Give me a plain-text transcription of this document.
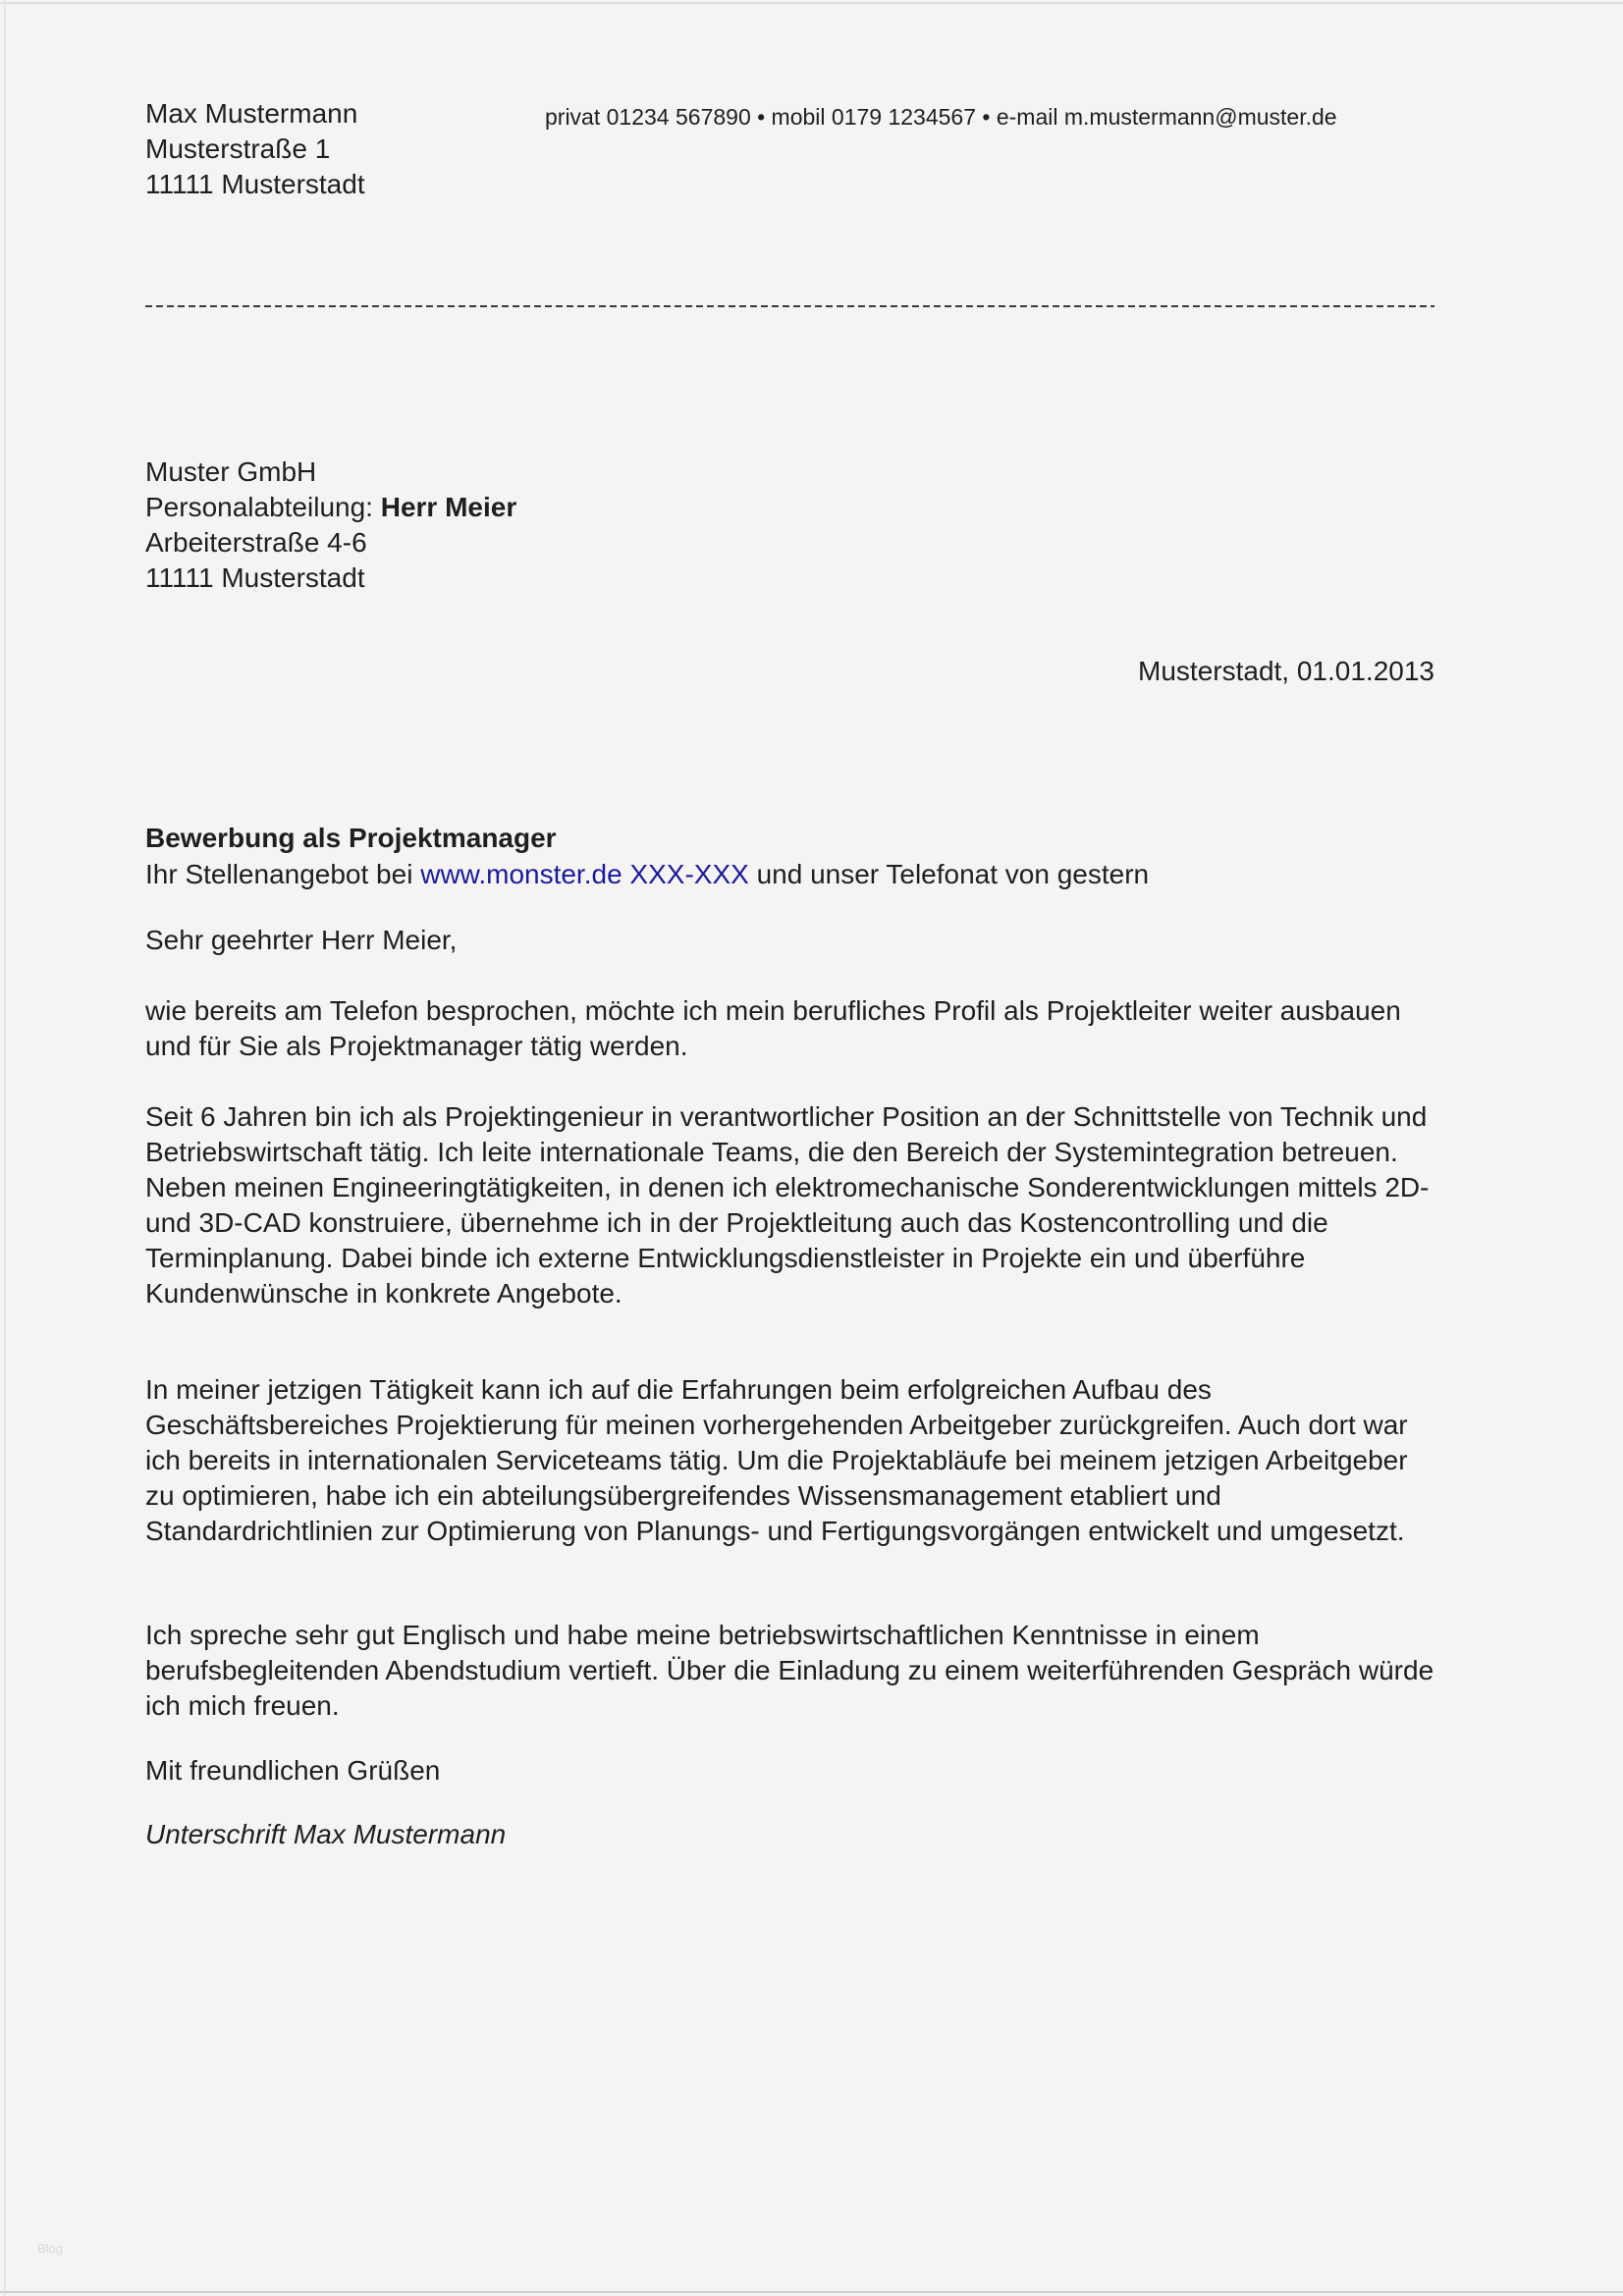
Max Mustermann
Musterstraße 1
11111 Musterstadt
privat 01234 567890 • mobil 0179 1234567 • e-mail m.mustermann@muster.de
Muster GmbH
Personalabteilung: Herr Meier
Arbeiterstraße 4-6
11111 Musterstadt
Musterstadt, 01.01.2013
Bewerbung als Projektmanager
Ihr Stellenangebot bei www.monster.de XXX-XXX und unser Telefonat von gestern
Sehr geehrter Herr Meier,

wie bereits am Telefon besprochen, möchte ich mein berufliches Profil als Projektleiter weiter ausbauen und für Sie als Projektmanager tätig werden.

Seit 6 Jahren bin ich als Projektingenieur in verantwortlicher Position an der Schnittstelle von Technik und Betriebswirtschaft tätig. Ich leite internationale Teams, die den Bereich der Systemintegration betreuen. Neben meinen Engineeringtätigkeiten, in denen ich elektromechanische Sonderentwicklungen mittels 2D- und 3D-CAD konstruiere, übernehme ich in der Projektleitung auch das Kostencontrolling und die Terminplanung. Dabei binde ich externe Entwicklungsdienstleister in Projekte ein und überführe Kundenwünsche in konkrete Angebote.

In meiner jetzigen Tätigkeit kann ich auf die Erfahrungen beim erfolgreichen Aufbau des Geschäftsbereiches Projektierung für meinen vorhergehenden Arbeitgeber zurückgreifen. Auch dort war ich bereits in internationalen Serviceteams tätig. Um die Projektabläufe bei meinem jetzigen Arbeitgeber zu optimieren, habe ich ein abteilungsübergreifendes Wissensmanagement etabliert und Standardrichtlinien zur Optimierung von Planungs- und Fertigungsvorgängen entwickelt und umgesetzt.

Ich spreche sehr gut Englisch und habe meine betriebswirtschaftlichen Kenntnisse in einem berufsbegleitenden Abendstudium vertieft. Über die Einladung zu einem weiterführenden Gespräch würde ich mich freuen.

Mit freundlichen Grüßen
Unterschrift Max Mustermann
Blog
